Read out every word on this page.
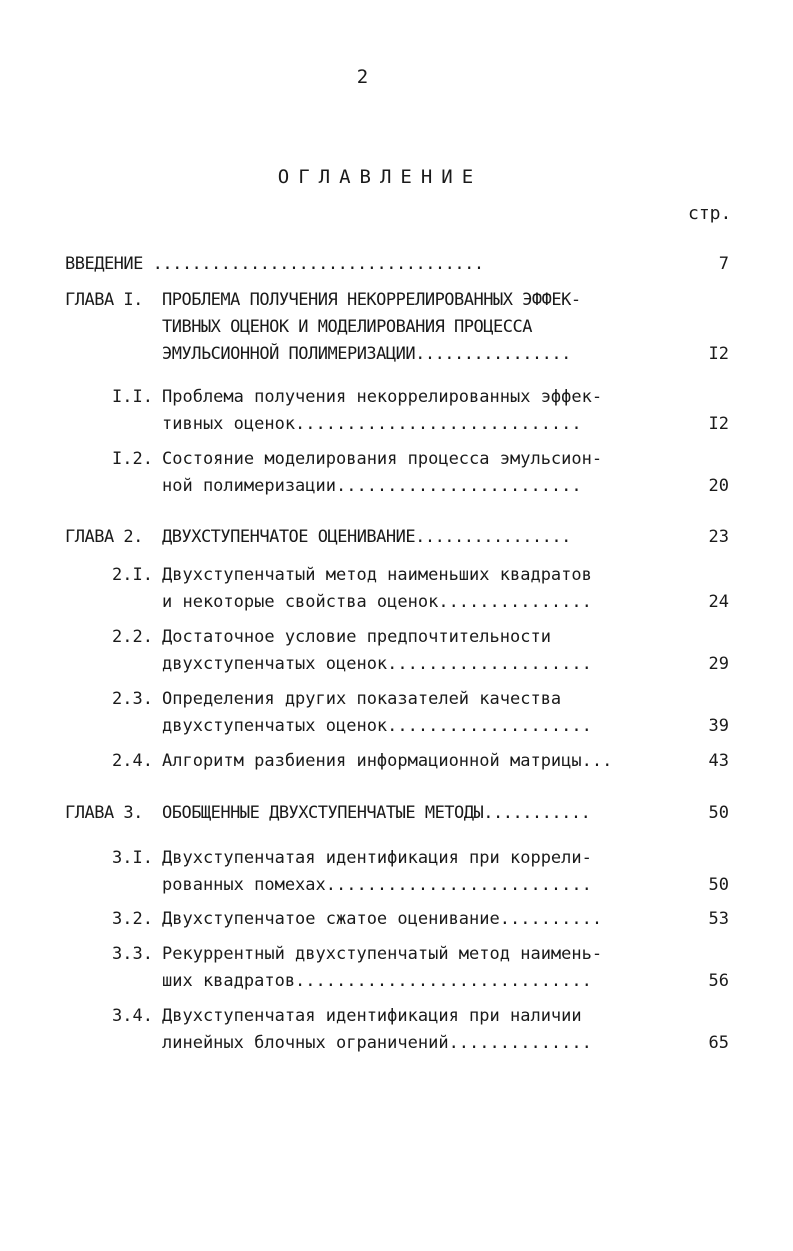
2
ОГЛАВЛЕНИЕ
стр.
ВВЕДЕНИЕ ..................................	7
ГЛАВА I.	ПРОБЛЕМА ПОЛУЧЕНИЯ НЕКОРРЕЛИРОВАННЫХ ЭФФЕК-
ТИВНЫХ ОЦЕНОК И МОДЕЛИРОВАНИЯ ПРОЦЕССА
ЭМУЛЬСИОННОЙ ПОЛИМЕРИЗАЦИИ................	I2
I.I. Проблема получения некоррелированных эффек-
тивных оценок............................	I2
I.2. Состояние моделирования процесса эмульсион-
ной полимеризации........................	20
ГЛАВА 2.	ДВУХСТУПЕНЧАТОЕ ОЦЕНИВАНИЕ................	23
2.I. Двухступенчатый метод наименьших квадратов
и некоторые свойства оценок...............	24
2.2. Достаточное условие предпочтительности
двухступенчатых оценок....................	29
2.3. Определения других показателей качества
двухступенчатых оценок....................	39
2.4. Алгоритм разбиения информационной матрицы...	43
ГЛАВА 3.	ОБОБЩЕННЫЕ ДВУХСТУПЕНЧАТЫЕ МЕТОДЫ...........	50
3.I. Двухступенчатая идентификация при коррели-
рованных помехах..........................	50
3.2. Двухступенчатое сжатое оценивание..........	53
3.3. Рекуррентный двухступенчатый метод наимень-
ших квадратов.............................	56
3.4. Двухступенчатая идентификация при наличии
линейных блочных ограничений..............	65
